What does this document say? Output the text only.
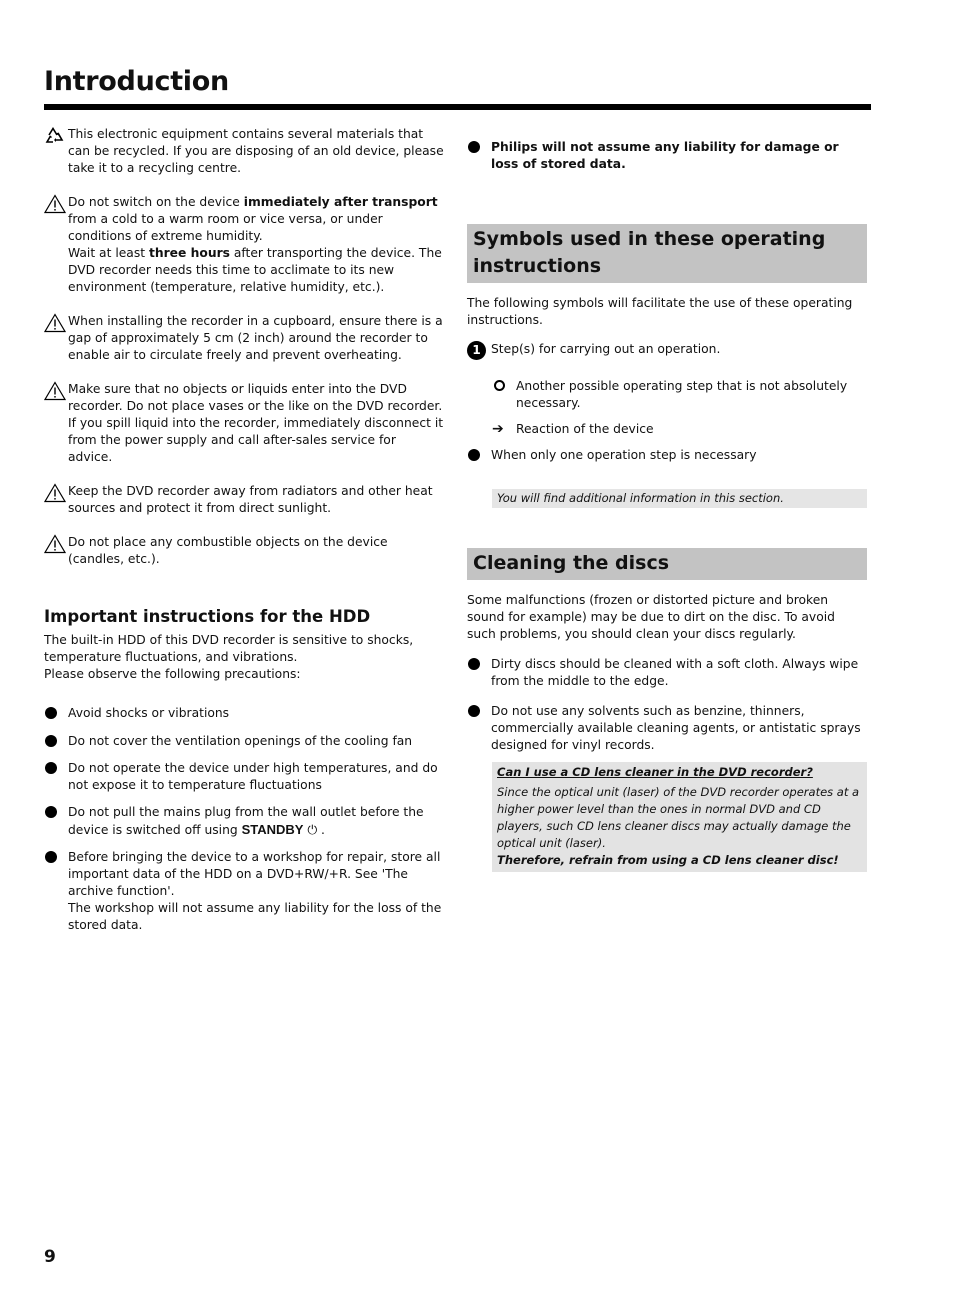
Introduction

This electronic equipment contains several materials that can be recycled. If you are disposing of an old device, please take it to a recycling centre.

Do not switch on the device immediately after transport from a cold to a warm room or vice versa, or under conditions of extreme humidity.

Wait at least three hours after transporting the device. The DVD recorder needs this time to acclimate to its new environment (temperature, relative humidity, etc.).

When installing the recorder in a cupboard, ensure there is a gap of approximately 5 cm (2 inch) around the recorder to enable air to circulate freely and prevent overheating.

Make sure that no objects or liquids enter into the DVD recorder. Do not place vases or the like on the DVD recorder. If you spill liquid into the recorder, immediately disconnect it from the power supply and call after-sales service for advice.

Keep the DVD recorder away from radiators and other heat sources and protect it from direct sunlight.

Do not place any combustible objects on the device (candles, etc.).

Important instructions for the HDD

The built-in HDD of this DVD recorder is sensitive to shocks, temperature fluctuations, and vibrations.

Please observe the following precautions:

Avoid shocks or vibrations

Do not cover the ventilation openings of the cooling fan

Do not operate the device under high temperatures, and do not expose it to temperature fluctuations

Do not pull the mains plug from the wall outlet before the device is switched off using STANDBY ⏻ .

Before bringing the device to a workshop for repair, store all important data of the HDD on a DVD+RW/+R. See 'The archive function'.

The workshop will not assume any liability for the loss of the stored data.

Philips will not assume any liability for damage or loss of stored data.

Symbols used in these operating instructions

The following symbols will facilitate the use of these operating instructions.

1 Step(s) for carrying out an operation.

Another possible operating step that is not absolutely necessary.

➔ Reaction of the device

When only one operation step is necessary

You will find additional information in this section.

Cleaning the discs

Some malfunctions (frozen or distorted picture and broken sound for example) may be due to dirt on the disc. To avoid such problems, you should clean your discs regularly.

Dirty discs should be cleaned with a soft cloth. Always wipe from the middle to the edge.

Do not use any solvents such as benzine, thinners, commercially available cleaning agents, or antistatic sprays designed for vinyl records.

Can I use a CD lens cleaner in the DVD recorder?

Since the optical unit (laser) of the DVD recorder operates at a higher power level than the ones in normal DVD and CD players, such CD lens cleaner discs may actually damage the optical unit (laser).

Therefore, refrain from using a CD lens cleaner disc!

9
